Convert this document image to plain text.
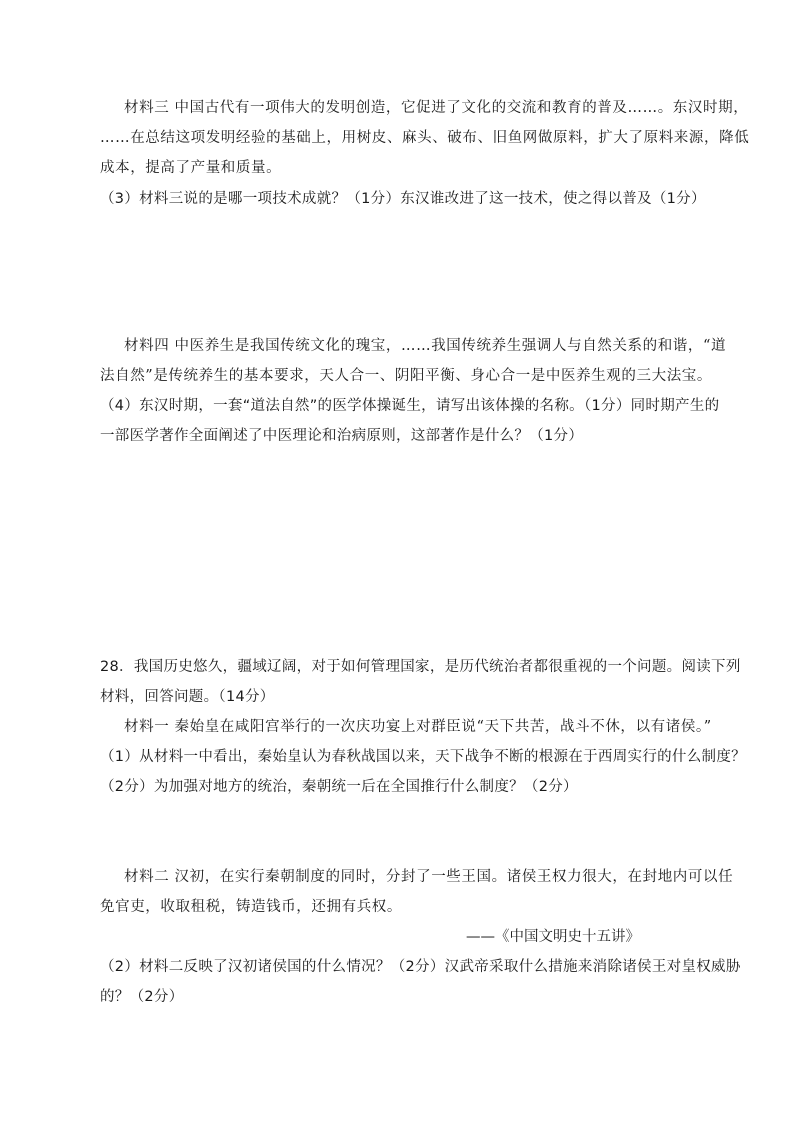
材料三 中国古代有一项伟大的发明创造，它促进了文化的交流和教育的普及……。东汉时期，
……在总结这项发明经验的基础上，用树皮、麻头、破布、旧鱼网做原料，扩大了原料来源，降低
成本，提高了产量和质量。
（3）材料三说的是哪一项技术成就？（1分）东汉谁改进了这一技术，使之得以普及（1分）
材料四 中医养生是我国传统文化的瑰宝，……我国传统养生强调人与自然关系的和谐，“道
法自然”是传统养生的基本要求，天人合一、阴阳平衡、身心合一是中医养生观的三大法宝。
（4）东汉时期，一套“道法自然”的医学体操诞生，请写出该体操的名称。（1分）同时期产生的
一部医学著作全面阐述了中医理论和治病原则，这部著作是什么？（1分）
28．我国历史悠久，疆域辽阔，对于如何管理国家，是历代统治者都很重视的一个问题。阅读下列
材料，回答问题。（14分）
材料一 秦始皇在咸阳宫举行的一次庆功宴上对群臣说“天下共苦，战斗不休，以有诸侯。”
（1）从材料一中看出，秦始皇认为春秋战国以来，天下战争不断的根源在于西周实行的什么制度？
（2分）为加强对地方的统治，秦朝统一后在全国推行什么制度？（2分）
材料二 汉初，在实行秦朝制度的同时，分封了一些王国。诸侯王权力很大，在封地内可以任
免官吏，收取租税，铸造钱币，还拥有兵权。
——《中国文明史十五讲》
（2）材料二反映了汉初诸侯国的什么情况？（2分）汉武帝采取什么措施来消除诸侯王对皇权威胁
的？（2分）
